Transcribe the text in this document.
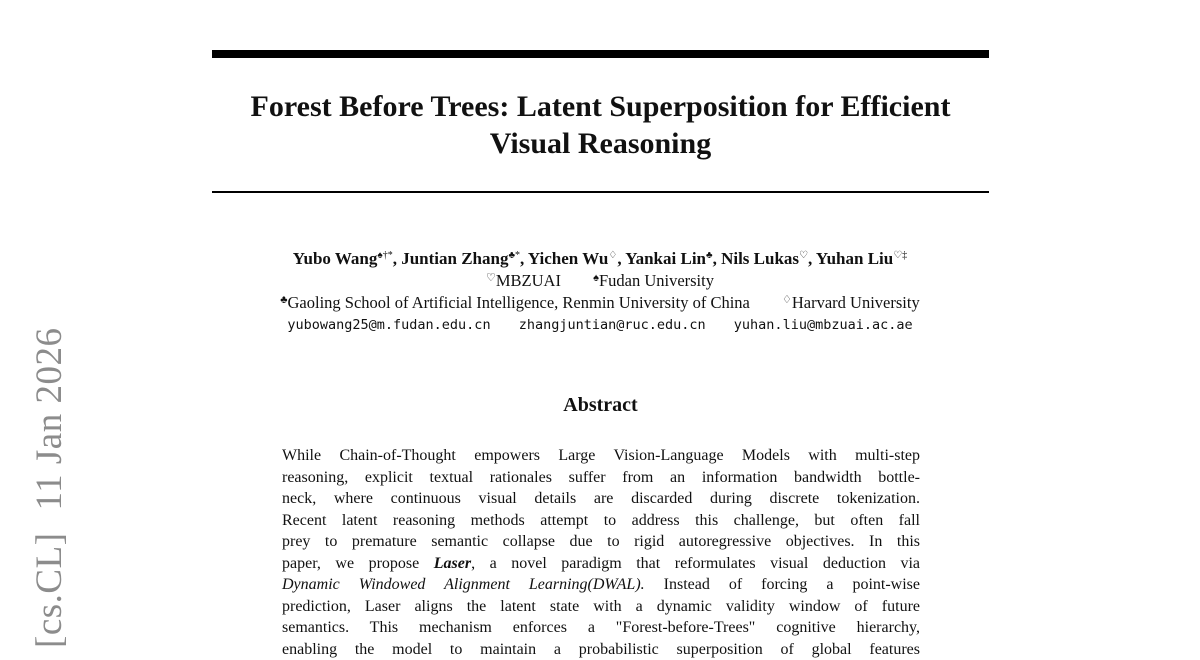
Forest Before Trees: Latent Superposition for Efficient
Visual Reasoning
Yubo Wang♠†*, Juntian Zhang♣*, Yichen Wu♢, Yankai Lin♣, Nils Lukas♡, Yuhan Liu♡‡
♡MBZUAI	♠Fudan University
♣Gaoling School of Artificial Intelligence, Renmin University of China	♢Harvard University
yubowang25@m.fudan.edu.cn zhangjuntian@ruc.edu.cn yuhan.liu@mbzuai.ac.ae
Abstract
While Chain-of-Thought empowers Large Vision-Language Models with multi-step
reasoning, explicit textual rationales suffer from an information bandwidth bottle-
neck, where continuous visual details are discarded during discrete tokenization.
Recent latent reasoning methods attempt to address this challenge, but often fall
prey to premature semantic collapse due to rigid autoregressive objectives. In this
paper, we propose Laser, a novel paradigm that reformulates visual deduction via
Dynamic Windowed Alignment Learning(DWAL). Instead of forcing a point-wise
prediction, Laser aligns the latent state with a dynamic validity window of future
semantics. This mechanism enforces a "Forest-before-Trees" cognitive hierarchy,
enabling the model to maintain a probabilistic superposition of global features
[cs.CL]11 Jan 2026
